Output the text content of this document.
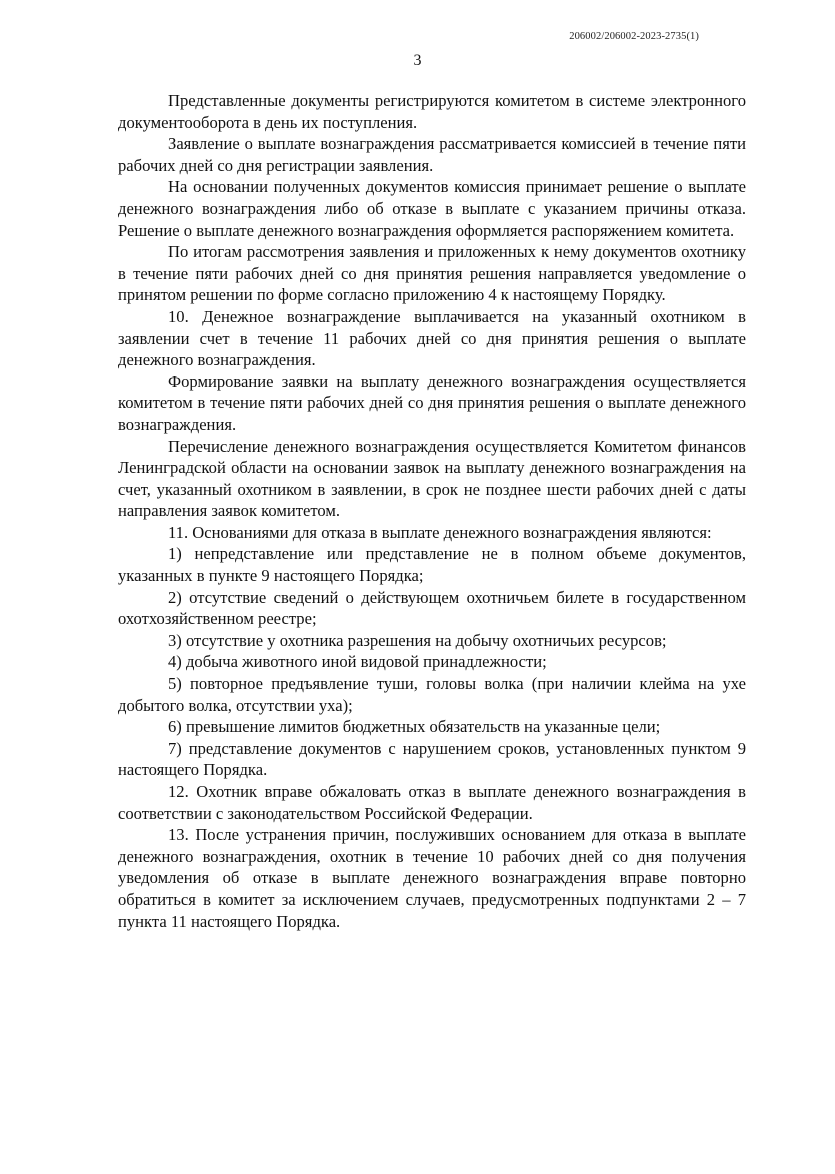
206002/206002-2023-2735(1)
3

Представленные документы регистрируются комитетом в системе электронного документооборота в день их поступления.

Заявление о выплате вознаграждения рассматривается комиссией в течение пяти рабочих дней со дня регистрации заявления.

На основании полученных документов комиссия принимает решение о выплате денежного вознаграждения либо об отказе в выплате с указанием причины отказа. Решение о выплате денежного вознаграждения оформляется распоряжением комитета.

По итогам рассмотрения заявления и приложенных к нему документов охотнику в течение пяти рабочих дней со дня принятия решения направляется уведомление о принятом решении по форме согласно приложению 4 к настоящему Порядку.

10. Денежное вознаграждение выплачивается на указанный охотником в заявлении счет в течение 11 рабочих дней со дня принятия решения о выплате денежного вознаграждения.

Формирование заявки на выплату денежного вознаграждения осуществляется комитетом в течение пяти рабочих дней со дня принятия решения о выплате денежного вознаграждения.

Перечисление денежного вознаграждения осуществляется Комитетом финансов Ленинградской области на основании заявок на выплату денежного вознаграждения на счет, указанный охотником в заявлении, в срок не позднее шести рабочих дней с даты направления заявок комитетом.

11. Основаниями для отказа в выплате денежного вознаграждения являются:

1) непредставление или представление не в полном объеме документов, указанных в пункте 9 настоящего Порядка;

2) отсутствие сведений о действующем охотничьем билете в государственном охотхозяйственном реестре;

3) отсутствие у охотника разрешения на добычу охотничьих ресурсов;

4) добыча животного иной видовой принадлежности;

5) повторное предъявление туши, головы волка (при наличии клейма на ухе добытого волка, отсутствии уха);

6) превышение лимитов бюджетных обязательств на указанные цели;

7) представление документов с нарушением сроков, установленных пунктом 9 настоящего Порядка.

12. Охотник вправе обжаловать отказ в выплате денежного вознаграждения в соответствии с законодательством Российской Федерации.

13. После устранения причин, послуживших основанием для отказа в выплате денежного вознаграждения, охотник в течение 10 рабочих дней со дня получения уведомления об отказе в выплате денежного вознаграждения вправе повторно обратиться в комитет за исключением случаев, предусмотренных подпунктами 2 – 7 пункта 11 настоящего Порядка.
